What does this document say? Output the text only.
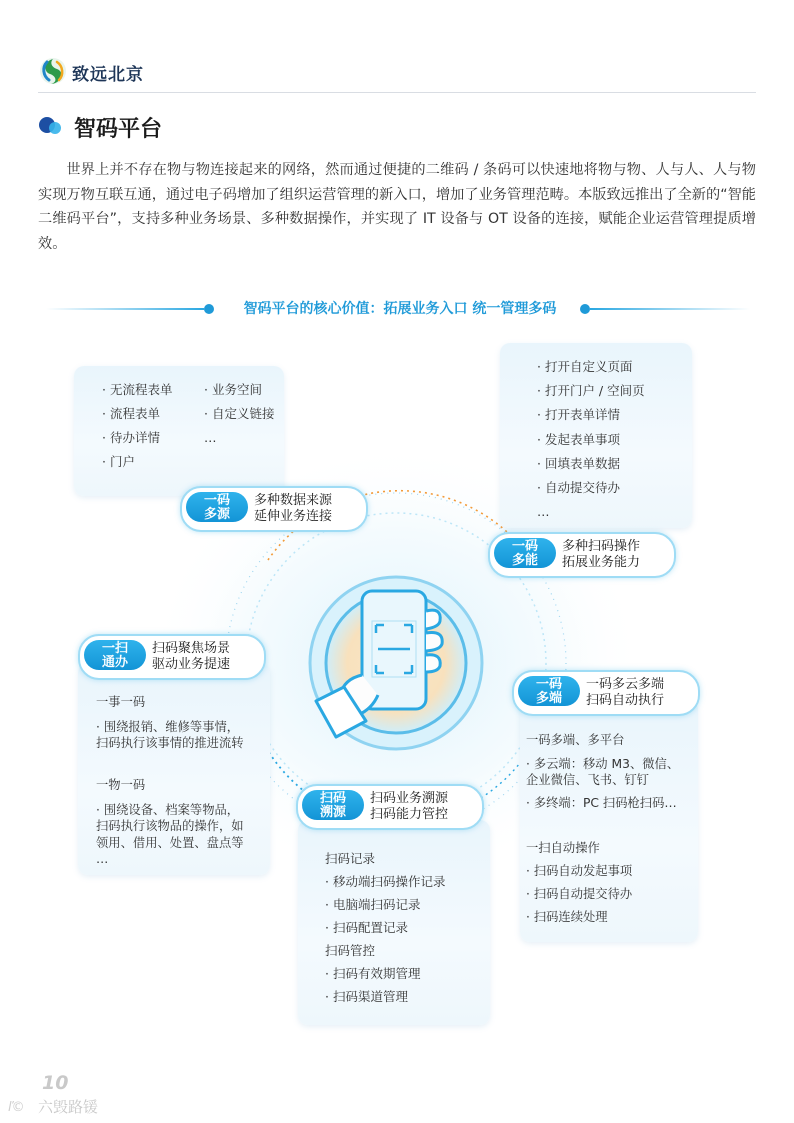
致远北京
智码平台
世界上并不存在物与物连接起来的网络，然而通过便捷的二维码 / 条码可以快速地将物与物、人与人、人与物实现万物互联互通，通过电子码增加了组织运营管理的新入口，增加了业务管理范畴。本版致远推出了全新的“智能二维码平台”，支持多种业务场景、多种数据操作，并实现了 IT 设备与 OT 设备的连接，赋能企业运营管理提质增效。
智码平台的核心价值：拓展业务入口 统一管理多码
· 无流程表单
· 流程表单
· 待办详情
· 门户
· 业务空间
· 自定义链接
…
· 打开自定义页面
· 打开门户 / 空间页
· 打开表单详情
· 发起表单事项
· 回填表单数据
· 自动提交待办
…
一事一码
· 围绕报销、维修等事情，
扫码执行该事情的推进流转
一物一码
· 围绕设备、档案等物品，
扫码执行该物品的操作，如
领用、借用、处置、盘点等
…	扫码记录
· 移动端扫码操作记录
· 电脑端扫码记录
· 扫码配置记录
扫码管控
· 扫码有效期管理
· 扫码渠道管理
一码多端、多平台
· 多云端：移动 M3、微信、
企业微信、飞书、钉钉
· 多终端：PC 扫码枪扫码…
一扫自动操作
· 扫码自动发起事项
· 扫码自动提交待办
· 扫码连续处理
一码
多源
多种数据来源
延伸业务连接
一码
多能
多种扫码操作
拓展业务能力
一扫
通办
扫码聚焦场景
驱动业务提速
一码
多端
一码多云多端
扫码自动执行
扫码
溯源
扫码业务溯源
扫码能力管控
10
ľ© 六毁路锾
